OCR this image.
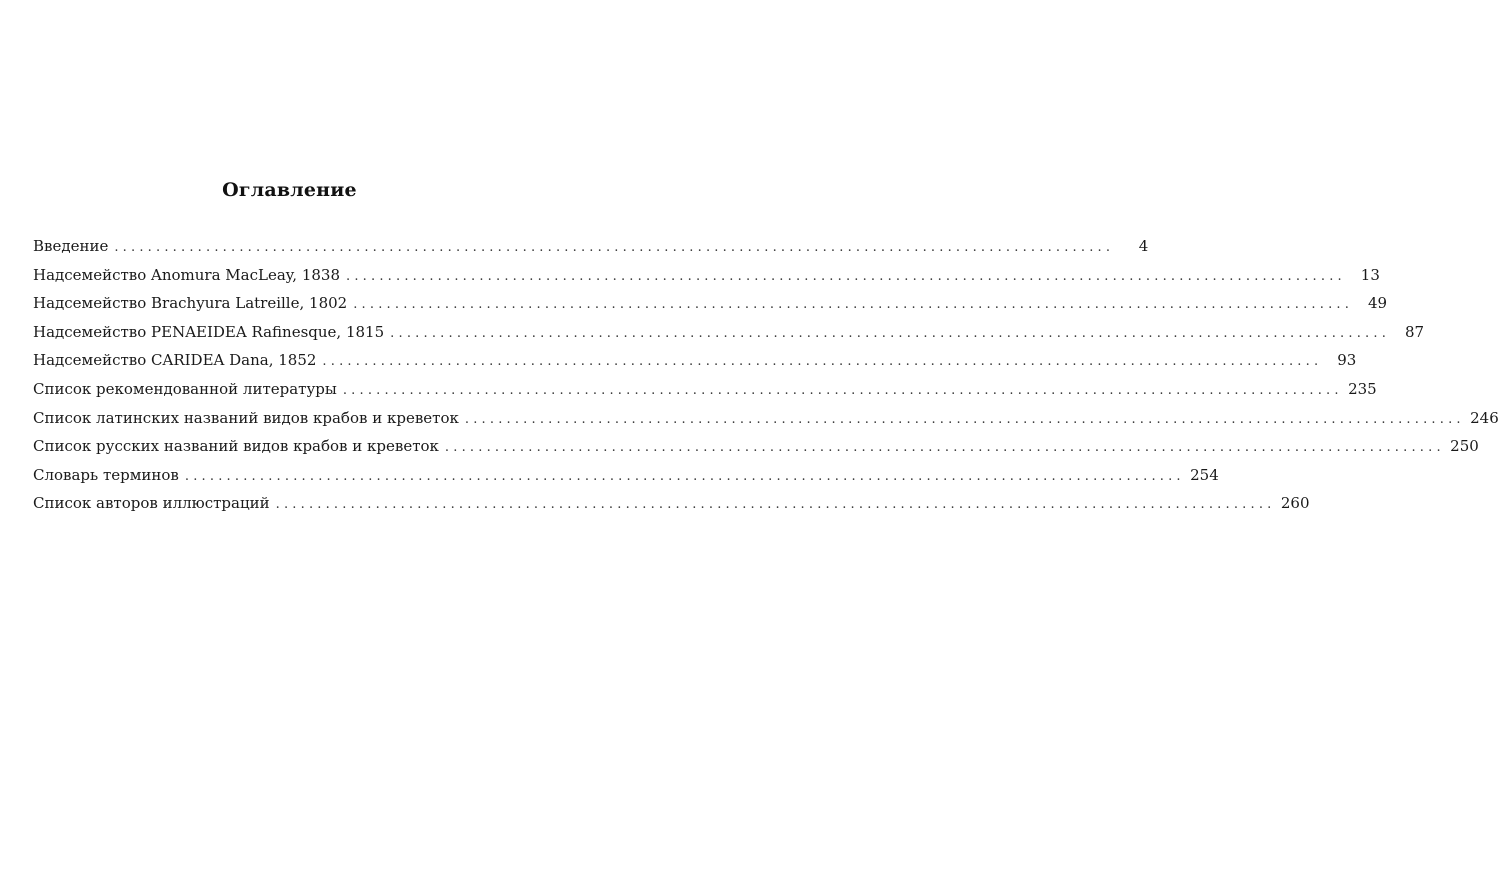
Оглавление
Введение ........................................................................................................................	4
Надсемейство Anomura MacLeay, 1838 ........................................................................................................................ 13
Надсемейство Brachyura Latreille, 1802 ........................................................................................................................ 49
Надсемейство PENAEIDEA Rafinesque, 1815 ........................................................................................................................ 87
Надсемейство CARIDEA Dana, 1852 ........................................................................................................................ 93
Список рекомендованной литературы ........................................................................................................................ 235
Список латинских названий видов крабов и креветок ........................................................................................................................ 246
Список русских названий видов крабов и креветок ........................................................................................................................ 250
Словарь терминов ........................................................................................................................ 254
Список авторов иллюстраций ........................................................................................................................ 260
